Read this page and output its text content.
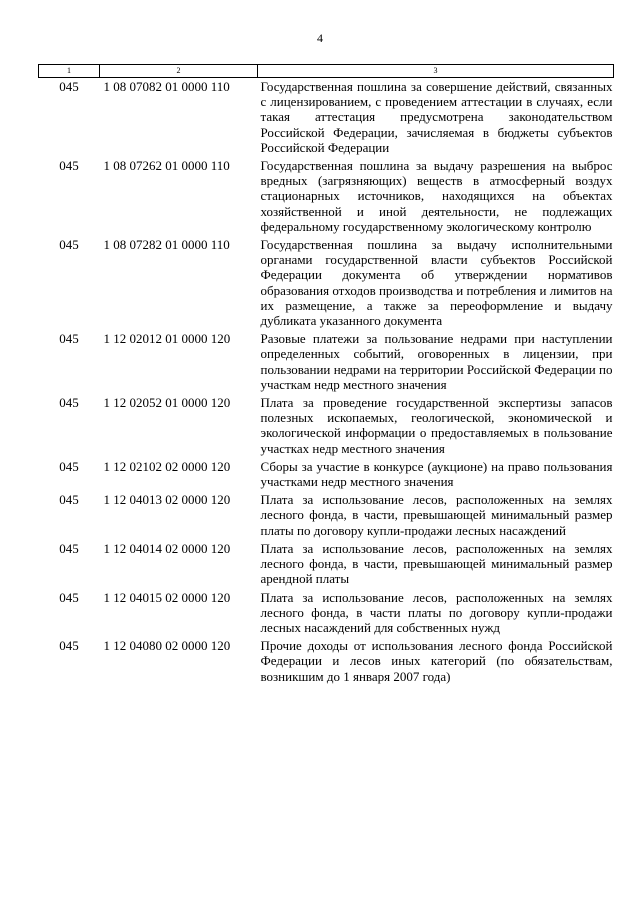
4
1	2	3
045	1 08 07082 01 0000 110	Государственная пошлина за совершение действий, связанных с лицензированием, с проведением аттестации в случаях, если такая аттестация предусмотрена законодательством Российской Федерации, зачисляемая в бюджеты субъектов Российской Федерации
045	1 08 07262 01 0000 110	Государственная пошлина за выдачу разрешения на выброс вредных (загрязняющих) веществ в атмосферный воздух стационарных источников, находящихся на объектах хозяйственной и иной деятельности, не подлежащих федеральному государственному экологическому контролю
045	1 08 07282 01 0000 110	Государственная пошлина за выдачу исполнительными органами государственной власти субъектов Российской Федерации документа об утверждении нормативов образования отходов производства и потребления и лимитов на их размещение, а также за переоформление и выдачу дубликата указанного документа
045	1 12 02012 01 0000 120	Разовые платежи за пользование недрами при наступлении определенных событий, оговоренных в лицензии, при пользовании недрами на территории Российской Федерации по участкам недр местного значения
045	1 12 02052 01 0000 120	Плата за проведение государственной экспертизы запасов полезных ископаемых, геологической, экономической и экологической информации о предоставляемых в пользование участках недр местного значения
045	1 12 02102 02 0000 120	Сборы за участие в конкурсе (аукционе) на право пользования участками недр местного значения
045	1 12 04013 02 0000 120	Плата за использование лесов, расположенных на землях лесного фонда, в части, превышающей минимальный размер платы по договору купли-продажи лесных насаждений
045	1 12 04014 02 0000 120	Плата за использование лесов, расположенных на землях лесного фонда, в части, превышающей минимальный размер арендной платы
045	1 12 04015 02 0000 120	Плата за использование лесов, расположенных на землях лесного фонда, в части платы по договору купли-продажи лесных насаждений для собственных нужд
045	1 12 04080 02 0000 120	Прочие доходы от использования лесного фонда Российской Федерации и лесов иных категорий (по обязательствам, возникшим до 1 января 2007 года)
